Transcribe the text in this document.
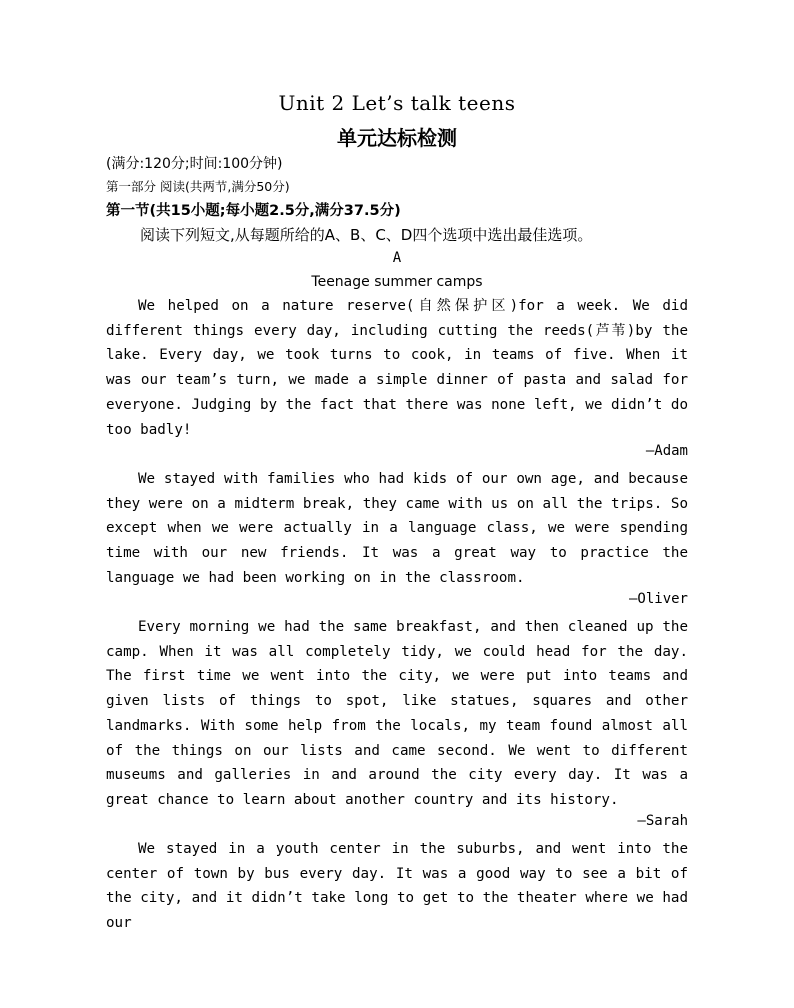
Unit 2 Let’s talk teens
单元达标检测
(满分:120分;时间:100分钟)
第一部分 阅读(共两节,满分50分)
第一节(共15小题;每小题2.5分,满分37.5分)
阅读下列短文,从每题所给的A、B、C、D四个选项中选出最佳选项。
A
Teenage summer camps
We helped on a nature reserve(自然保护区)for a week. We did different things every day, including cutting the reeds(芦苇)by the lake. Every day, we took turns to cook, in teams of five. When it was our team’s turn, we made a simple dinner of pasta and salad for everyone. Judging by the fact that there was none left, we didn’t do too badly!
—Adam
We stayed with families who had kids of our own age, and because they were on a midterm break, they came with us on all the trips. So except when we were actually in a language class, we were spending time with our new friends. It was a great way to practice the language we had been working on in the classroom.
—Oliver
Every morning we had the same breakfast, and then cleaned up the camp. When it was all completely tidy, we could head for the day. The first time we went into the city, we were put into teams and given lists of things to spot, like statues, squares and other landmarks. With some help from the locals, my team found almost all of the things on our lists and came second. We went to different museums and galleries in and around the city every day. It was a great chance to learn about another country and its history.
—Sarah
We stayed in a youth center in the suburbs, and went into the center of town by bus every day. It was a good way to see a bit of the city, and it didn’t take long to get to the theater where we had our
